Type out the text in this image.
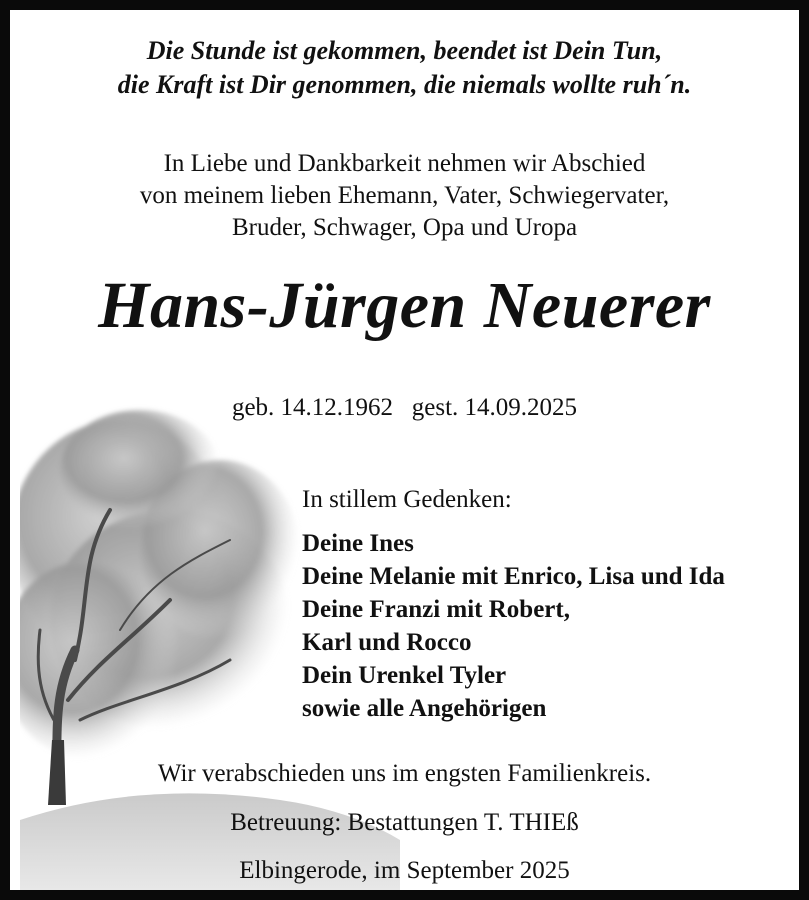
Die Stunde ist gekommen, beendet ist Dein Tun,
die Kraft ist Dir genommen, die niemals wollte ruh´n.
In Liebe und Dankbarkeit nehmen wir Abschied
von meinem lieben Ehemann, Vater, Schwiegervater,
Bruder, Schwager, Opa und Uropa
Hans-Jürgen Neuerer
geb. 14.12.1962   gest. 14.09.2025
In stillem Gedenken:
Deine Ines
Deine Melanie mit Enrico, Lisa und Ida
Deine Franzi mit Robert,
Karl und Rocco
Dein Urenkel Tyler
sowie alle Angehörigen
Wir verabschieden uns im engsten Familienkreis.
Betreuung: Bestattungen T. THIEß
Elbingerode, im September 2025
